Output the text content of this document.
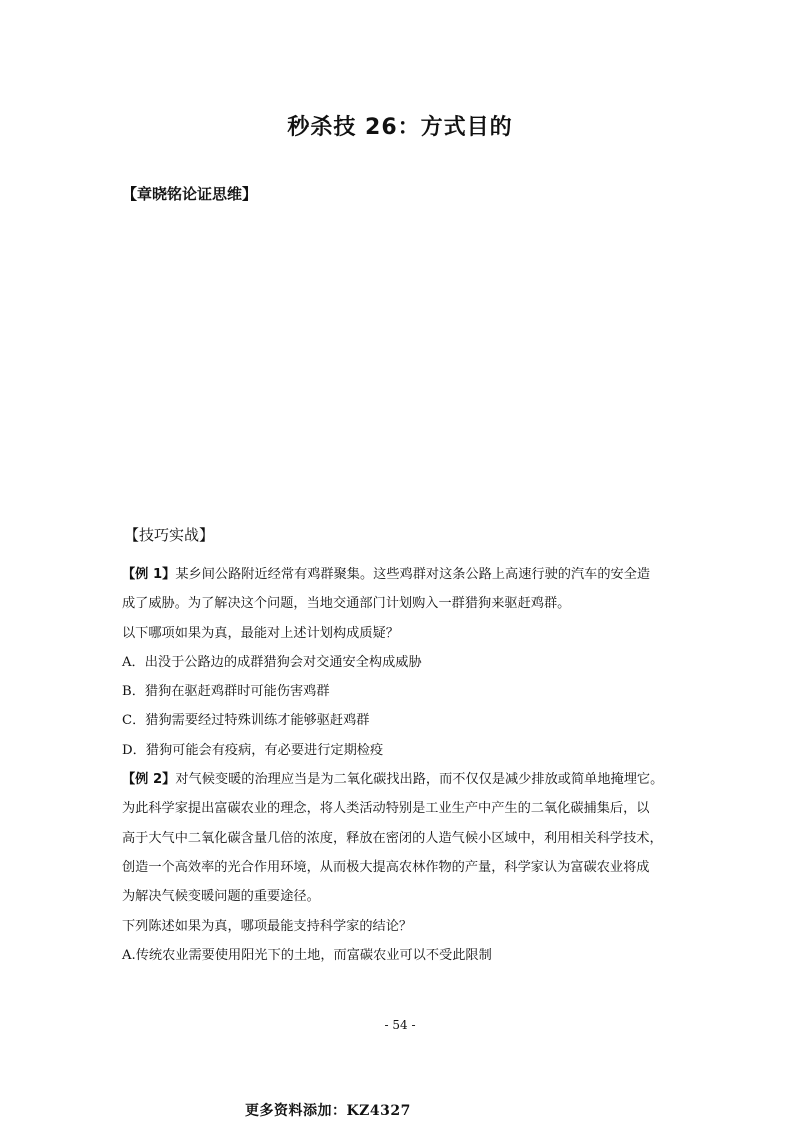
秒杀技 26：方式目的
【章晓铭论证思维】
【技巧实战】

【例 1】某乡间公路附近经常有鸡群聚集。这些鸡群对这条公路上高速行驶的汽车的安全造

成了威胁。为了解决这个问题，当地交通部门计划购入一群猎狗来驱赶鸡群。

以下哪项如果为真，最能对上述计划构成质疑？

A．出没于公路边的成群猎狗会对交通安全构成威胁

B．猎狗在驱赶鸡群时可能伤害鸡群

C．猎狗需要经过特殊训练才能够驱赶鸡群

D．猎狗可能会有疫病，有必要进行定期检疫

【例 2】对气候变暖的治理应当是为二氧化碳找出路，而不仅仅是减少排放或简单地掩埋它。

为此科学家提出富碳农业的理念，将人类活动特别是工业生产中产生的二氧化碳捕集后，以

高于大气中二氧化碳含量几倍的浓度，释放在密闭的人造气候小区域中，利用相关科学技术，

创造一个高效率的光合作用环境，从而极大提高农林作物的产量，科学家认为富碳农业将成

为解决气候变暖问题的重要途径。

下列陈述如果为真，哪项最能支持科学家的结论？

A.传统农业需要使用阳光下的土地，而富碳农业可以不受此限制

- 54 -
更多资料添加：KZ4327
